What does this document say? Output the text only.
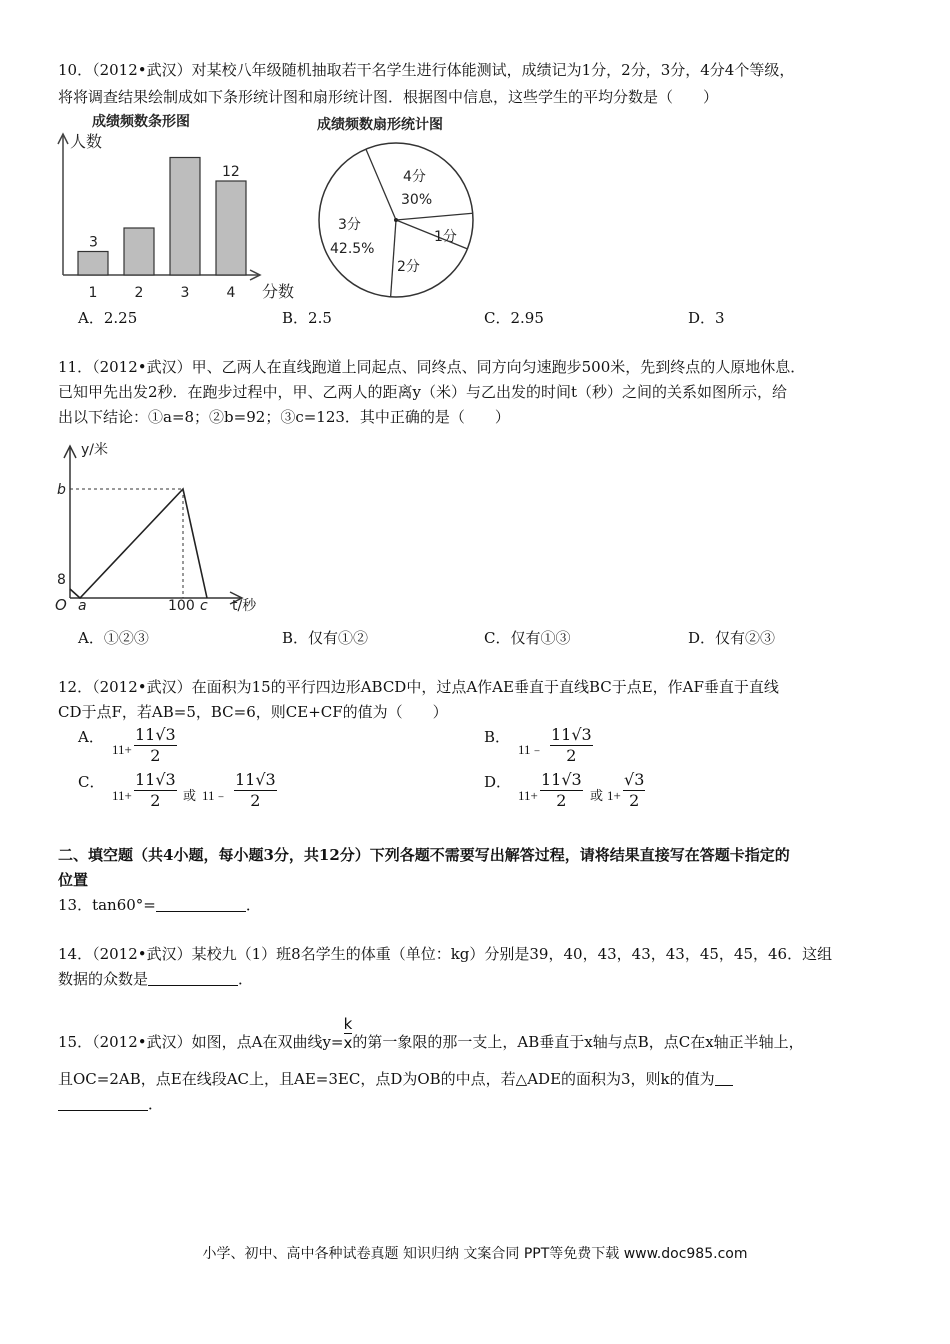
10．（2012•武汉）对某校八年级随机抽取若干名学生进行体能测试，成绩记为1分，2分，3分，4分4个等级，
将将调查结果绘制成如下条形统计图和扇形统计图．根据图中信息，这些学生的平均分数是（　　）
成绩频数条形图
人数
分数
1	2	3	4
3
12
成绩频数扇形统计图
4分
30%
1分
2分
3分
42.5%
A．2.25	B．2.5	C．2.95	D．3
11．（2012•武汉）甲、乙两人在直线跑道上同起点、同终点、同方向匀速跑步500米，先到终点的人原地休息．
已知甲先出发2秒．在跑步过程中，甲、乙两人的距离y（米）与乙出发的时间t（秒）之间的关系如图所示，给
出以下结论：①a=8；②b=92；③c=123．其中正确的是（　　）
y/米
t/秒
b
8
O a	100 c
A．①②③	B．仅有①②	C．仅有①③	D．仅有②③
12．（2012•武汉）在面积为15的平行四边形ABCD中，过点A作AE垂直于直线BC于点E，作AF垂直于直线
CD于点F，若AB=5，BC=6，则CE+CF的值为（　　）
A．
$11+ \frac{11√3}{2}$	B．
11﹣ $\frac{11√3}{2}$
C．
$11+ \frac{11√3}{2}$ 或 11﹣ $\frac{11√3}{2}$	D．
$11+ \frac{11√3}{2}$ 或 $1+ \frac{√3}{2}$
二、填空题（共4小题，每小题3分，共12分）下列各题不需要写出解答过程，请将结果直接写在答题卡指定的
位置
13．tan60°=	．
14．（2012•武汉）某校九（1）班8名学生的体重（单位：kg）分别是39，40，43，43，43，45，45，46．这组
数据的众数是	．
15．（2012•武汉）如图，点A在双曲线$y= \frac{k}{x}$ 的第一象限的那一支上，AB垂直于x轴与点B，点C在x轴正半轴上，
且OC=2AB，点E在线段AC上，且AE=3EC，点D为OB的中点，若△ADE的面积为3，则k的值为
．
小学、初中、高中各种试卷真题 知识归纳 文案合同 PPT等免费下载 www.doc985.com
